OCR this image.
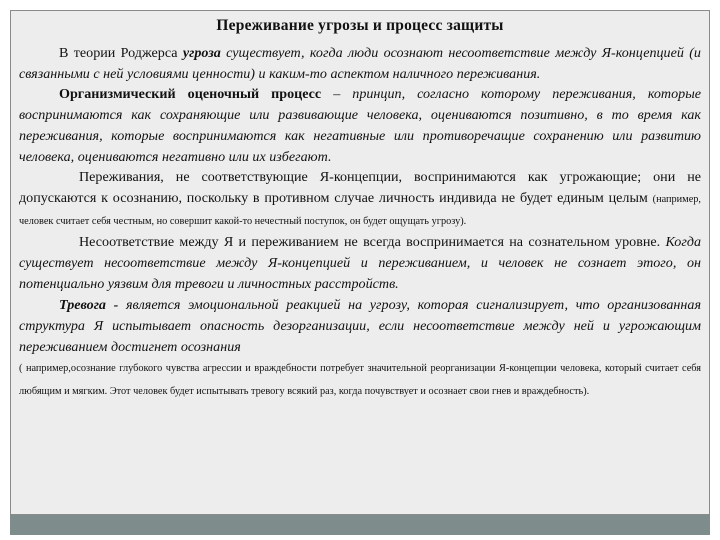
Переживание угрозы и процесс защиты

В теории Роджерса угроза существует, когда люди осознают несоответствие между Я-концепцией (и связанными с ней условиями ценности) и каким-то аспектом наличного переживания.

Организмический оценочный процесс – принцип, согласно которому переживания, которые воспринимаются как сохраняющие или развивающие человека, оцениваются позитивно, в то время как переживания, которые воспринимаются как негативные или противоречащие сохранению или развитию человека, оцениваются негативно или их избегают.

Переживания, не соответствующие Я-концепции, воспринимаются как угрожающие; они не допускаются к осознанию, поскольку в противном случае личность индивида не будет единым целым (например, человек считает себя честным, но совершит какой-то нечестный поступок, он будет ощущать угрозу).

Несоответствие между Я и переживанием не всегда воспринимается на сознательном уровне. Когда существует несоответствие между Я-концепцией и переживанием, и человек не сознает этого, он потенциально уязвим для тревоги и личностных расстройств.

Тревога - является эмоциональной реакцией на угрозу, которая сигнализирует, что организованная структура Я испытывает опасность дезорганизации, если несоответствие между ней и угрожающим переживанием достигнет осознания

( например,осознание глубокого чувства агрессии и враждебности потребует значительной реорганизации Я-концепции человека, который считает себя любящим и мягким. Этот человек будет испытывать тревогу всякий раз, когда почувствует и осознает свои гнев и враждебность).
